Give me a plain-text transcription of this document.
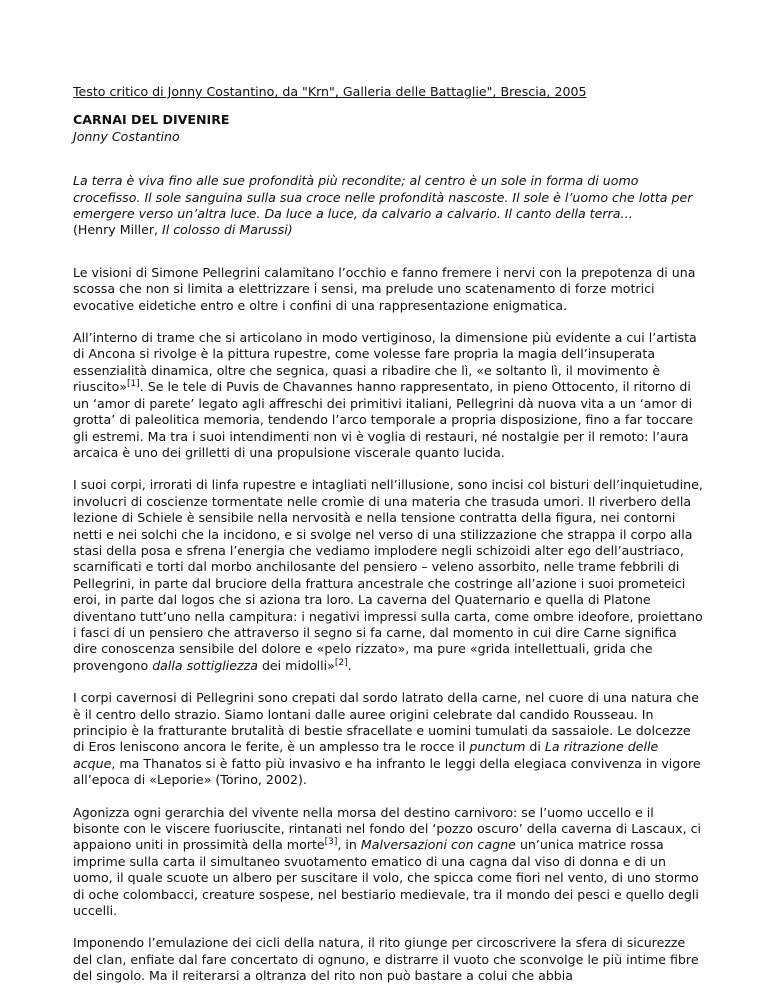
Testo critico di Jonny Costantino, da "Krn", Galleria delle Battaglie", Brescia, 2005

CARNAI DEL DIVENIRE

Jonny Costantino

La terra è viva fino alle sue profondità più recondite; al centro è un sole in forma di uomo crocefisso. Il sole sanguina sulla sua croce nelle profondità nascoste. Il sole è l’uomo che lotta per emergere verso un’altra luce. Da luce a luce, da calvario a calvario. Il canto della terra…

(Henry Miller, Il colosso di Marussi)

Le visioni di Simone Pellegrini calamitano l’occhio e fanno fremere i nervi con la prepotenza di una scossa che non si limita a elettrizzare i sensi, ma prelude uno scatenamento di forze motrici evocative eidetiche entro e oltre i confini di una rappresentazione enigmatica.

All’interno di trame che si articolano in modo vertiginoso, la dimensione più evidente a cui l’artista di Ancona si rivolge è la pittura rupestre, come volesse fare propria la magia dell’insuperata essenzialità dinamica, oltre che segnica, quasi a ribadire che lì, «e soltanto lì, il movimento è riuscito»[1]. Se le tele di Puvis de Chavannes hanno rappresentato, in pieno Ottocento, il ritorno di un ‘amor di parete’ legato agli affreschi dei primitivi italiani, Pellegrini dà nuova vita a un ‘amor di grotta’ di paleolitica memoria, tendendo l’arco temporale a propria disposizione, fino a far toccare gli estremi. Ma tra i suoi intendimenti non vi è voglia di restauri, né nostalgie per il remoto: l’aura arcaica è uno dei grilletti di una propulsione viscerale quanto lucida.

I suoi corpi, irrorati di linfa rupestre e intagliati nell’illusione, sono incisi col bisturi dell’inquietudine, involucri di coscienze tormentate nelle cromìe di una materia che trasuda umori. Il riverbero della lezione di Schiele è sensibile nella nervosità e nella tensione contratta della figura, nei contorni netti e nei solchi che la incidono, e si svolge nel verso di una stilizzazione che strappa il corpo alla stasi della posa e sfrena l’energia che vediamo implodere negli schizoidi alter ego dell’austriaco, scarnificati e torti dal morbo anchilosante del pensiero – veleno assorbito, nelle trame febbrili di Pellegrini, in parte dal bruciore della frattura ancestrale che costringe all’azione i suoi prometeici eroi, in parte dal logos che si aziona tra loro. La caverna del Quaternario e quella di Platone diventano tutt’uno nella campitura: i negativi impressi sulla carta, come ombre ideofore, proiettano i fasci di un pensiero che attraverso il segno si fa carne, dal momento in cui dire Carne significa dire conoscenza sensibile del dolore e «pelo rizzato», ma pure «grida intellettuali, grida che provengono dalla sottigliezza dei midolli»[2].

I corpi cavernosi di Pellegrini sono crepati dal sordo latrato della carne, nel cuore di una natura che è il centro dello strazio. Siamo lontani dalle auree origini celebrate dal candido Rousseau. In principio è la fratturante brutalità di bestie sfracellate e uomini tumulati da sassaiole. Le dolcezze di Eros leniscono ancora le ferite, è un amplesso tra le rocce il punctum di La ritrazione delle acque, ma Thanatos si è fatto più invasivo e ha infranto le leggi della elegiaca convivenza in vigore all’epoca di «Leporie» (Torino, 2002).

Agonizza ogni gerarchia del vivente nella morsa del destino carnivoro: se l’uomo uccello e il bisonte con le viscere fuoriuscite, rintanati nel fondo del ‘pozzo oscuro’ della caverna di Lascaux, ci appaiono uniti in prossimità della morte[3], in Malversazioni con cagne un’unica matrice rossa imprime sulla carta il simultaneo svuotamento ematico di una cagna dal viso di donna e di un uomo, il quale scuote un albero per suscitare il volo, che spicca come fiori nel vento, di uno stormo di oche colombacci, creature sospese, nel bestiario medievale, tra il mondo dei pesci e quello degli uccelli.

Imponendo l’emulazione dei cicli della natura, il rito giunge per circoscrivere la sfera di sicurezze del clan, enfiate dal fare concertato di ognuno, e distrarre il vuoto che sconvolge le più intime fibre del singolo. Ma il reiterarsi a oltranza del rito non può bastare a colui che abbia
